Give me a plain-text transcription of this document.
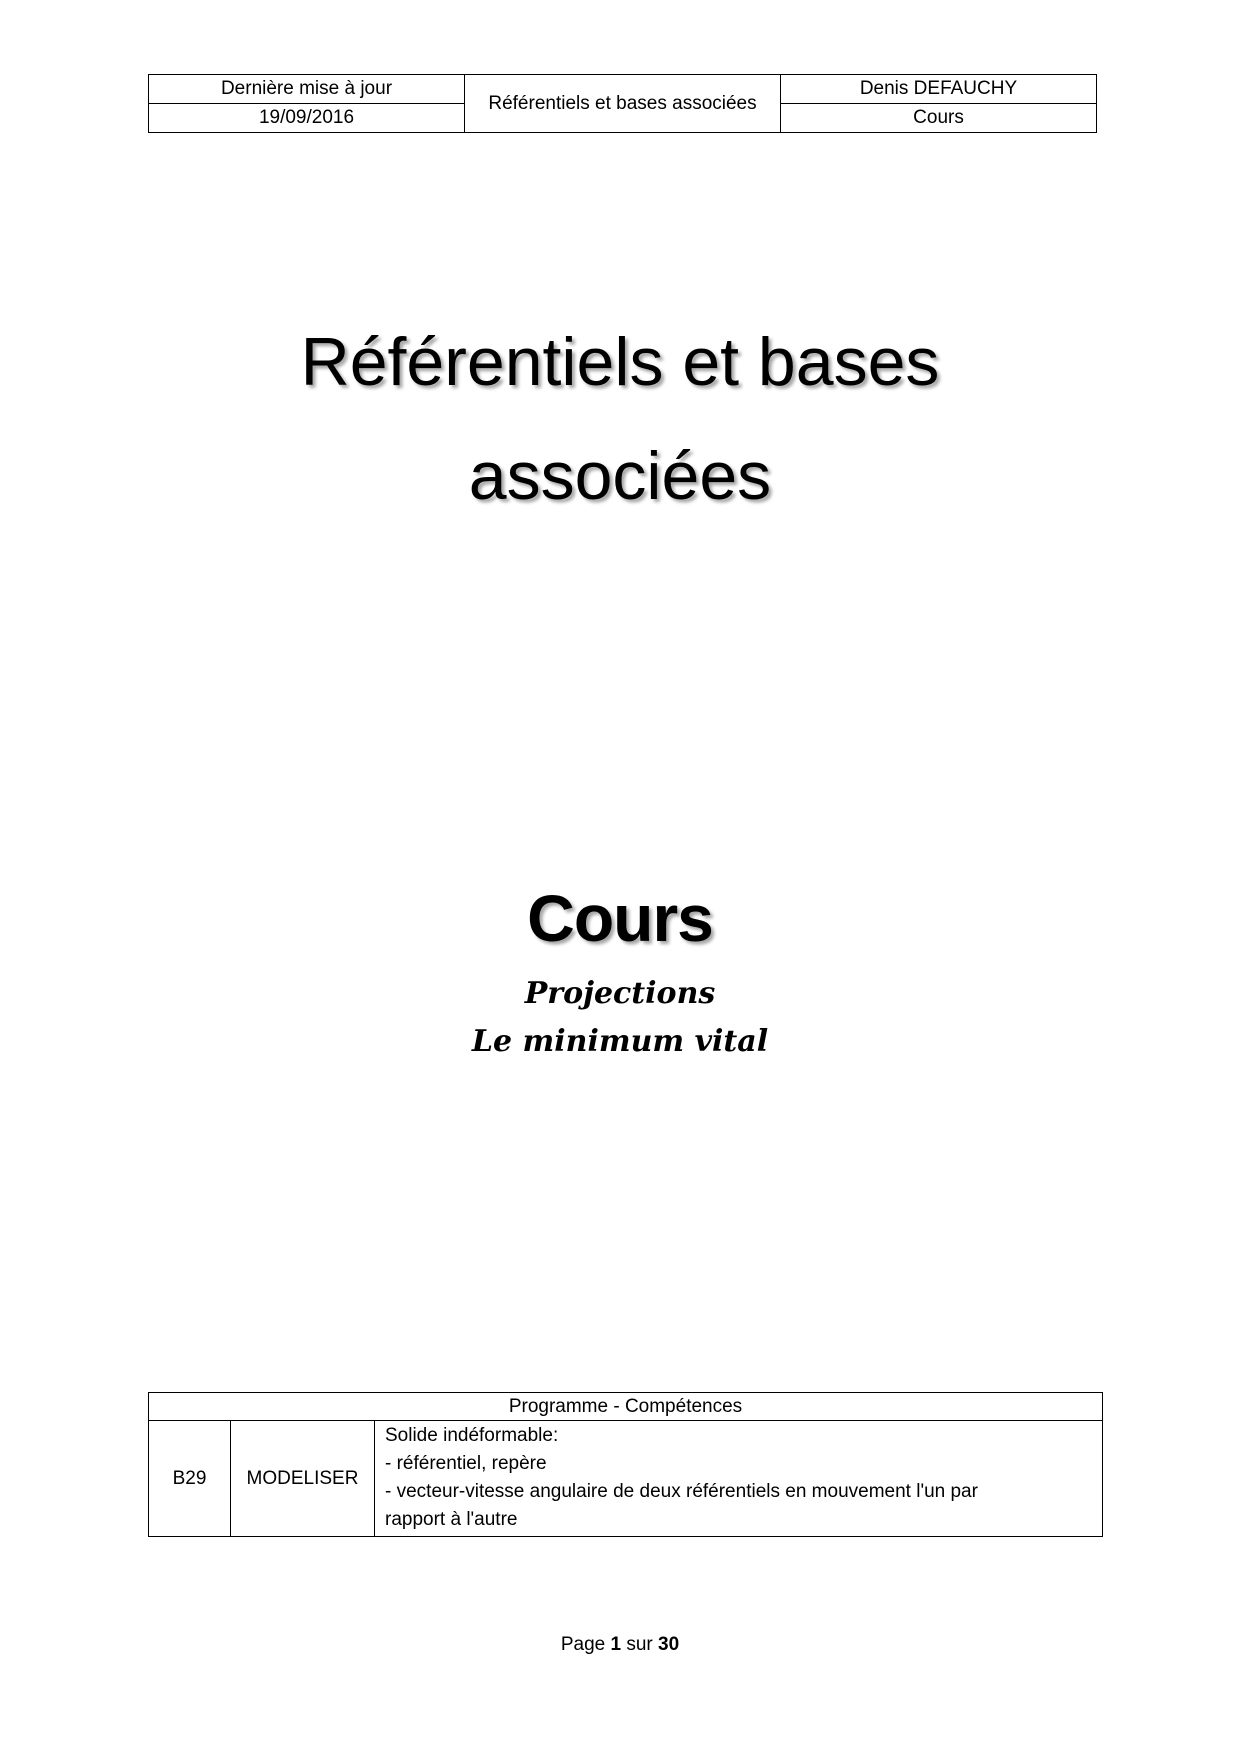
Dernière mise à jour	Référentiels et bases associées	Denis DEFAUCHY
19/09/2016		Cours
Référentiels et bases
associées
Cours
Projections
Le minimum vital
Programme - Compétences
B29	MODELISER	
Solide indéformable:
- référentiel, repère
- vecteur-vitesse angulaire de deux référentiels en mouvement l'un par
rapport à l'autre
Page 1 sur 30
